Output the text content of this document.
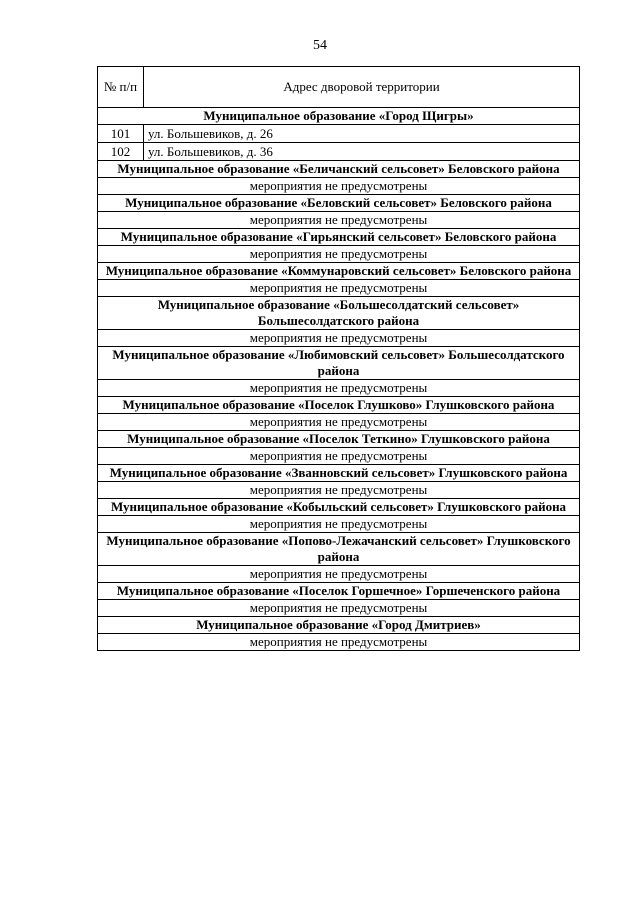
54
№ п/п	Адрес дворовой территории
Муниципальное образование «Город Щигры»	
101	ул. Большевиков, д. 26
102	ул. Большевиков, д. 36
Муниципальное образование «Беличанский сельсовет» Беловского района	
мероприятия не предусмотрены	
Муниципальное образование «Беловский сельсовет» Беловского района	
мероприятия не предусмотрены	
Муниципальное образование «Гирьянский сельсовет» Беловского района	
мероприятия не предусмотрены	
Муниципальное образование «Коммунаровский сельсовет» Беловского района	
мероприятия не предусмотрены	
Муниципальное образование «Большесолдатский сельсовет» Большесолдатского района	
мероприятия не предусмотрены	
Муниципальное образование «Любимовский сельсовет» Большесолдатского района	
мероприятия не предусмотрены	
Муниципальное образование «Поселок Глушково» Глушковского района	
мероприятия не предусмотрены	
Муниципальное образование «Поселок Теткино» Глушковского района	
мероприятия не предусмотрены	
Муниципальное образование «Званновский сельсовет» Глушковского района	
мероприятия не предусмотрены	
Муниципальное образование «Кобыльский сельсовет» Глушковского района	
мероприятия не предусмотрены	
Муниципальное образование «Попово-Лежачанский сельсовет» Глушковского района	
мероприятия не предусмотрены	
Муниципальное образование «Поселок Горшечное» Горшеченского района	
мероприятия не предусмотрены	
Муниципальное образование «Город Дмитриев»	
мероприятия не предусмотрены	
